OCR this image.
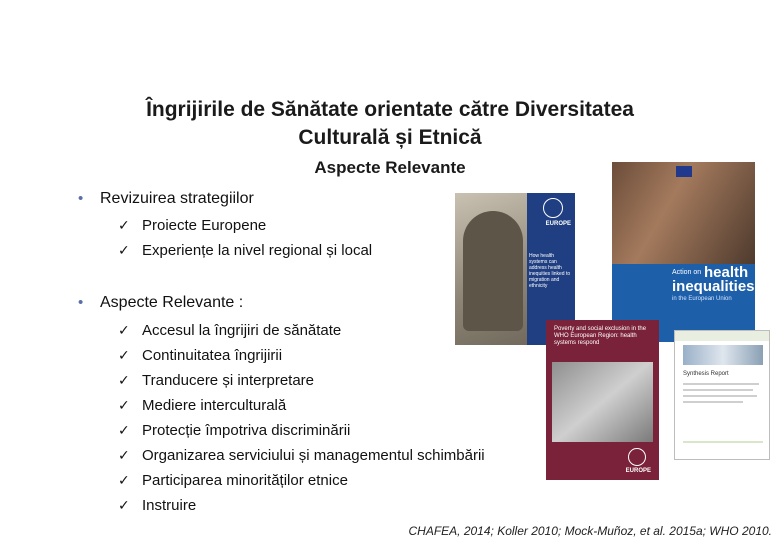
Îngrijirile de Sănătate orientate către Diversitatea
Culturală și Etnică
Aspecte Relevante
• Revizuirea strategiilor
✓ Proiecte Europene
✓ Experiențe la nivel regional și local
• Aspecte Relevante :
✓ Accesul la îngrijiri de sănătate
✓ Continuitatea îngrijirii
✓ Tranducere și interpretare
✓ Mediere interculturală
✓ Protecție împotriva discriminării
✓ Organizarea serviciului și managementul schimbării
✓ Participarea minorităților etnice
✓ Instruire
EUROPE
How health systems can address health inequities linked to migration and ethnicity
Action on health
inequalities
in the European Union
Poverty and social exclusion in the WHO European Region: health systems respond
EUROPE
Synthesis Report
CHAFEA, 2014; Koller 2010; Mock-Muñoz, et al. 2015a; WHO 2010.
